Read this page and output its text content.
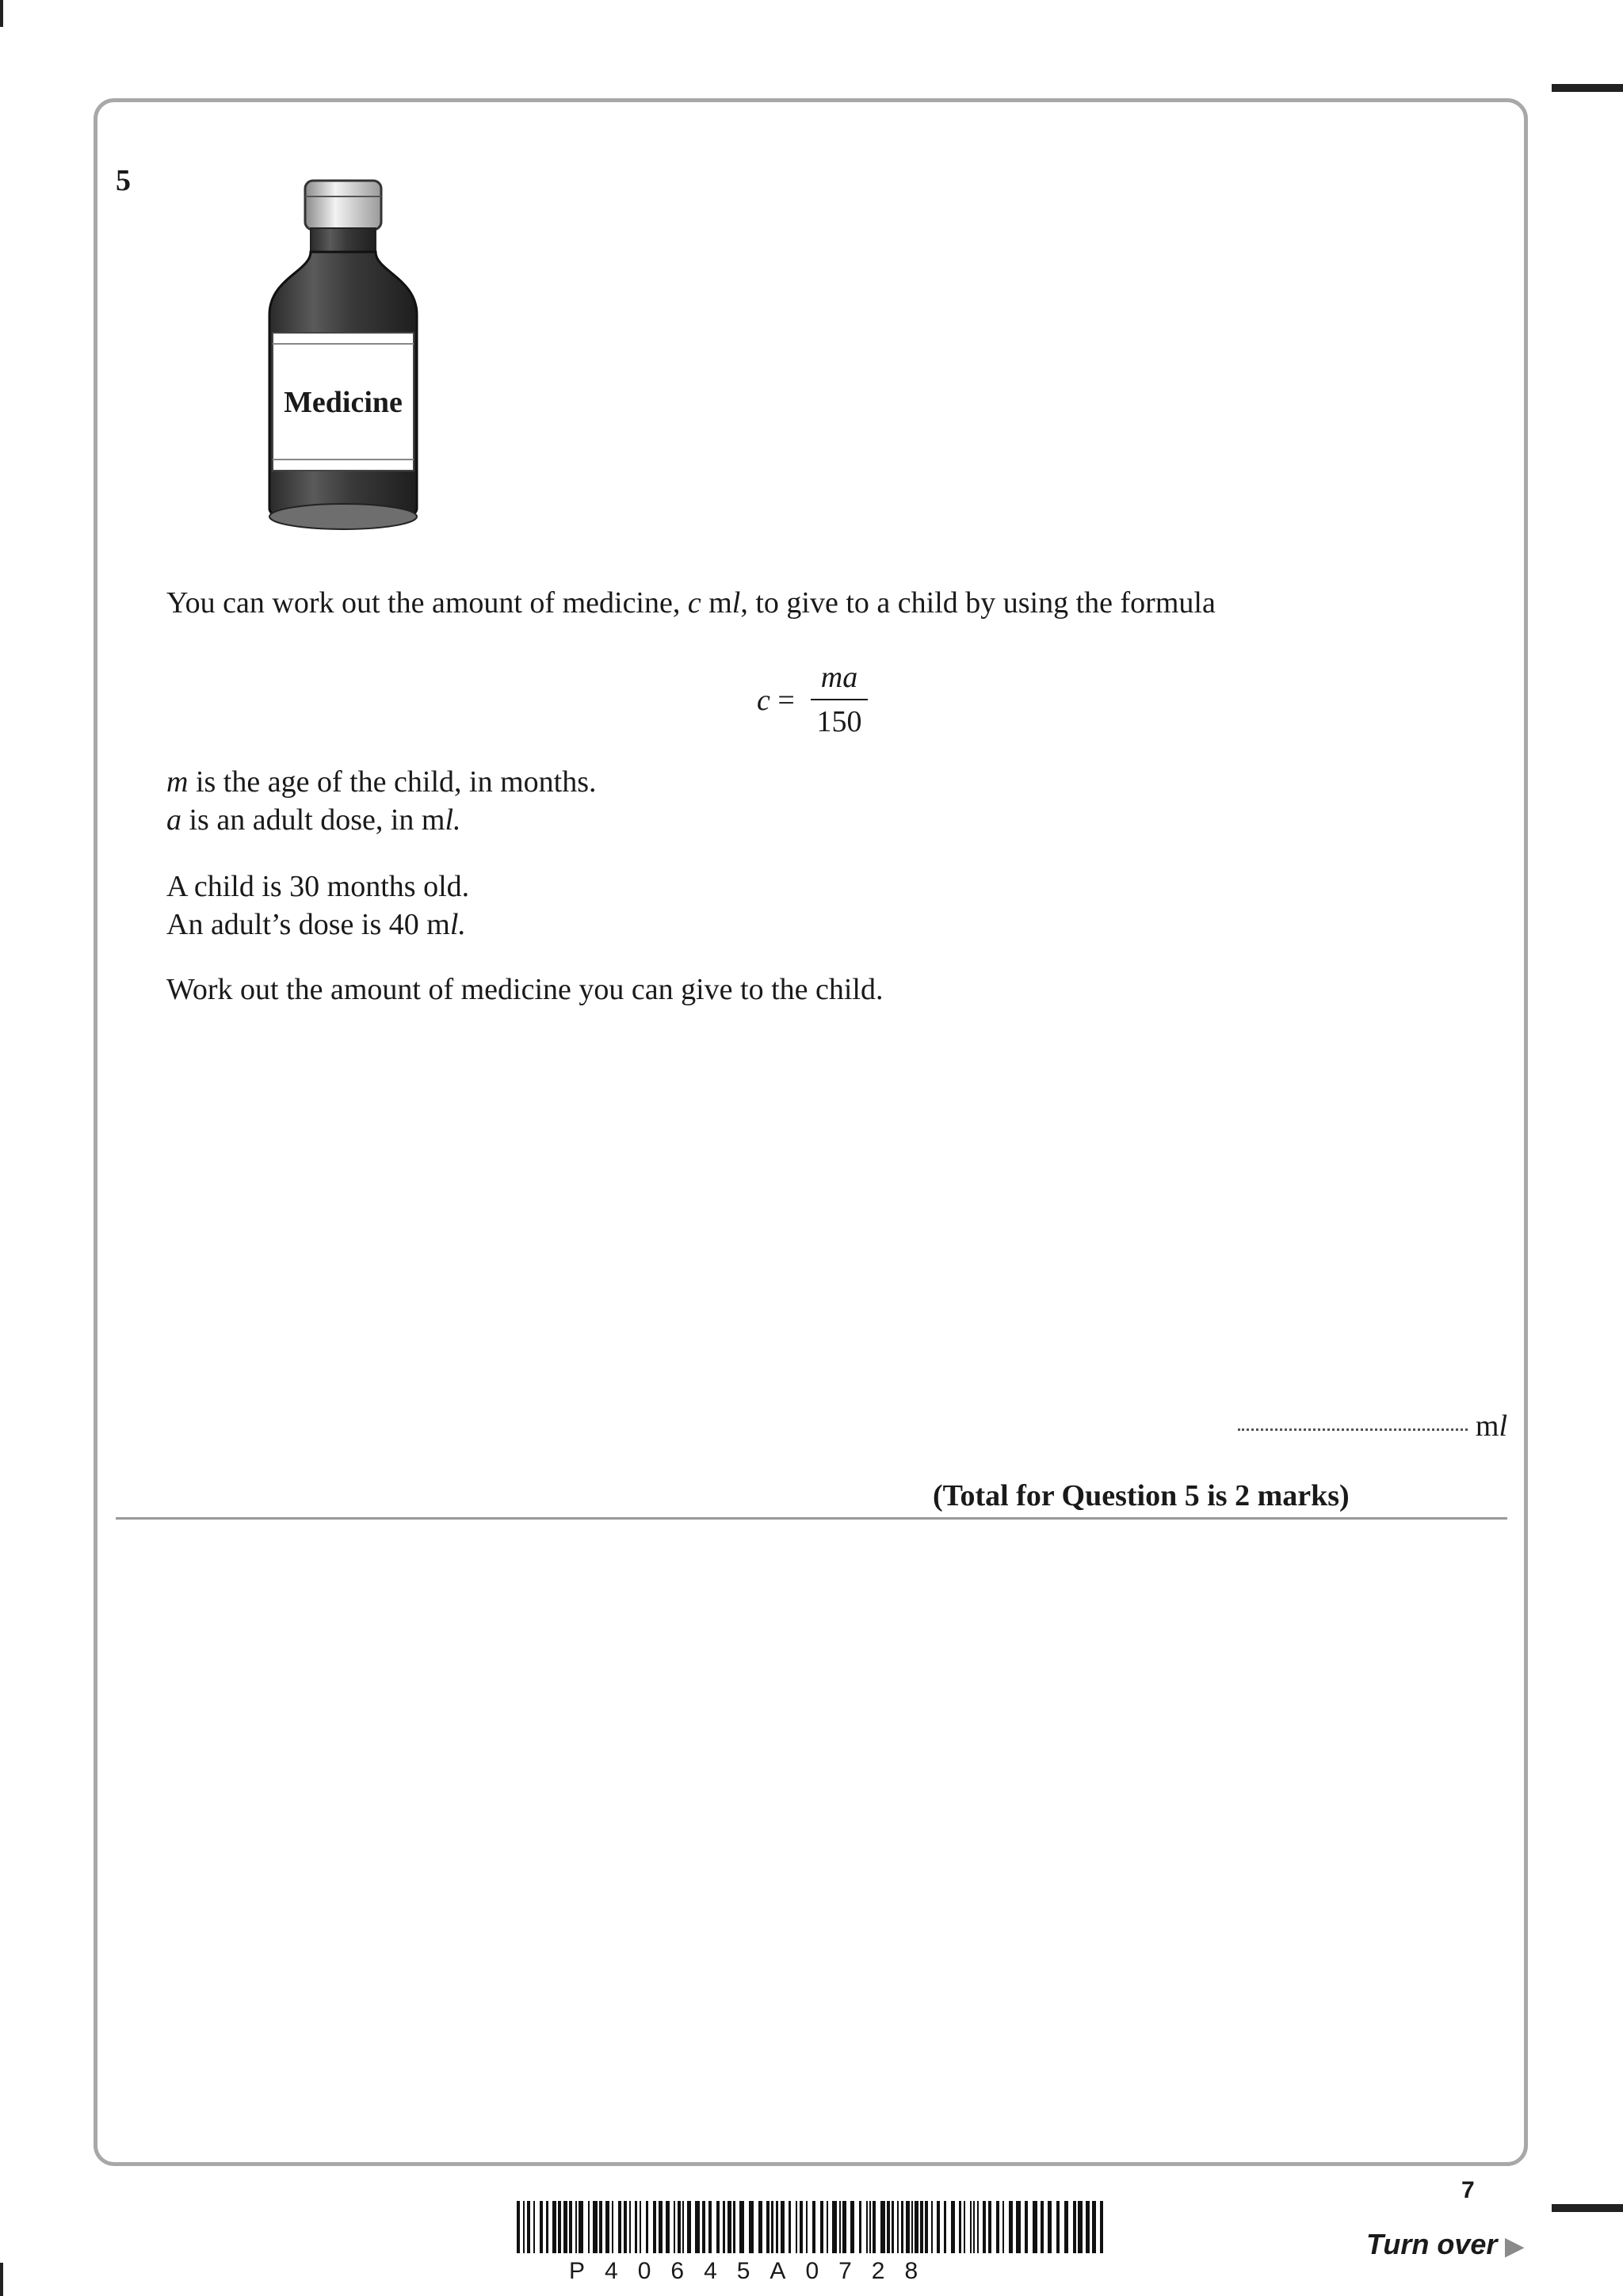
5
Medicine
You can work out the amount of medicine, c ml, to give to a child by using the formula
c =
ma
150
m is the age of the child, in months.
a is an adult dose, in ml.
A child is 30 months old.
An adult’s dose is 40 ml.
Work out the amount of medicine you can give to the child.
ml
(Total for Question 5 is 2 marks)
7
P40645A0728
Turn over ▶
